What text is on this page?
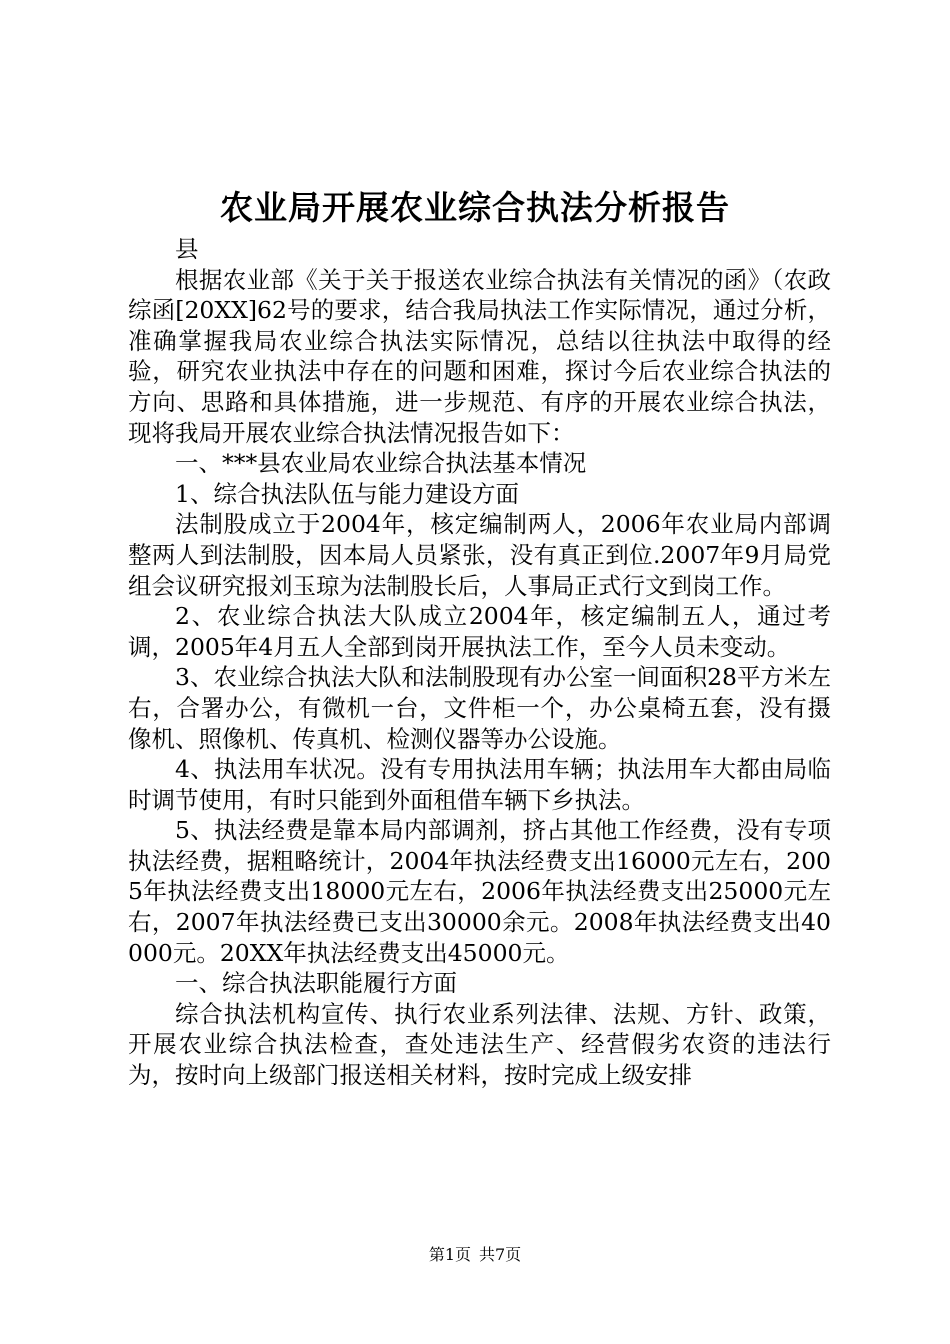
农业局开展农业综合执法分析报告

县

根据农业部《关于关于报送农业综合执法有关情况的函》（农政综函[20XX]62号的要求，结合我局执法工作实际情况，通过分析，准确掌握我局农业综合执法实际情况，总结以往执法中取得的经验，研究农业执法中存在的问题和困难，探讨今后农业综合执法的方向、思路和具体措施，进一步规范、有序的开展农业综合执法，现将我局开展农业综合执法情况报告如下：

一、***县农业局农业综合执法基本情况

1、综合执法队伍与能力建设方面

法制股成立于2004年，核定编制两人，2006年农业局内部调整两人到法制股，因本局人员紧张，没有真正到位.2007年9月局党组会议研究报刘玉琼为法制股长后，人事局正式行文到岗工作。

2、农业综合执法大队成立2004年，核定编制五人，通过考调，2005年4月五人全部到岗开展执法工作，至今人员未变动。

3、农业综合执法大队和法制股现有办公室一间面积28平方米左右，合署办公，有微机一台，文件柜一个，办公桌椅五套，没有摄像机、照像机、传真机、检测仪器等办公设施。

4、执法用车状况。没有专用执法用车辆；执法用车大都由局临时调节使用，有时只能到外面租借车辆下乡执法。

5、执法经费是靠本局内部调剂，挤占其他工作经费，没有专项执法经费，据粗略统计，2004年执法经费支出16000元左右，2005年执法经费支出18000元左右，2006年执法经费支出25000元左右，2007年执法经费已支出30000余元。2008年执法经费支出40000元。20XX年执法经费支出45000元。

一、综合执法职能履行方面

综合执法机构宣传、执行农业系列法律、法规、方针、政策，开展农业综合执法检查，查处违法生产、经营假劣农资的违法行为，按时向上级部门报送相关材料，按时完成上级安排

第1页 共7页
